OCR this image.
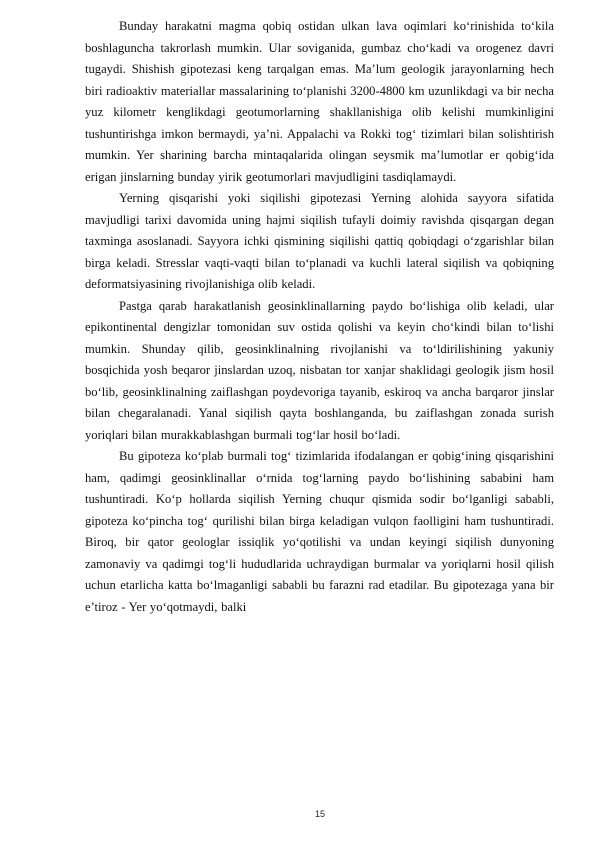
Bunday harakatni magma qobiq ostidan ulkan lava oqimlari koʻrinishida toʻkila boshlaguncha takrorlash mumkin. Ular soviganida, gumbaz choʻkadi va orogenez davri tugaydi. Shishish gipotezasi keng tarqalgan emas. Ma’lum geologik jarayonlarning hech biri radioaktiv materiallar massalarining toʻplanishi 3200-4800 km uzunlikdagi va bir necha yuz kilometr kenglikdagi geotumorlarning shakllanishiga olib kelishi mumkinligini tushuntirishga imkon bermaydi, ya’ni. Appalachi va Rokki togʻ tizimlari bilan solishtirish mumkin. Yer sharining barcha mintaqalarida olingan seysmik ma’lumotlar er qobigʻida erigan jinslarning bunday yirik geotumorlari mavjudligini tasdiqlamaydi.

Yerning qisqarishi yoki siqilishi gipotezasi Yerning alohida sayyora sifatida mavjudligi tarixi davomida uning hajmi siqilish tufayli doimiy ravishda qisqargan degan taxminga asoslanadi. Sayyora ichki qismining siqilishi qattiq qobiqdagi oʻzgarishlar bilan birga keladi. Stresslar vaqti-vaqti bilan toʻplanadi va kuchli lateral siqilish va qobiqning deformatsiyasining rivojlanishiga olib keladi.

Pastga qarab harakatlanish geosinklinallarning paydo boʻlishiga olib keladi, ular epikontinental dengizlar tomonidan suv ostida qolishi va keyin choʻkindi bilan toʻlishi mumkin. Shunday qilib, geosinklinalning rivojlanishi va toʻldirilishining yakuniy bosqichida yosh beqaror jinslardan uzoq, nisbatan tor xanjar shaklidagi geologik jism hosil boʻlib, geosinklinalning zaiflashgan poydevoriga tayanib, eskiroq va ancha barqaror jinslar bilan chegaralanadi. Yanal siqilish qayta boshlanganda, bu zaiflashgan zonada surish yoriqlari bilan murakkablashgan burmali togʻlar hosil boʻladi.

Bu gipoteza koʻplab burmali togʻ tizimlarida ifodalangan er qobigʻining qisqarishini ham, qadimgi geosinklinallar oʻrnida togʻlarning paydo boʻlishining sababini ham tushuntiradi. Koʻp hollarda siqilish Yerning chuqur qismida sodir boʻlganligi sababli, gipoteza koʻpincha togʻ qurilishi bilan birga keladigan vulqon faolligini ham tushuntiradi. Biroq, bir qator geologlar issiqlik yoʻqotilishi va undan keyingi siqilish dunyoning zamonaviy va qadimgi togʻli hududlarida uchraydigan burmalar va yoriqlarni hosil qilish uchun etarlicha katta boʻlmaganligi sababli bu farazni rad etadilar. Bu gipotezaga yana bir e’tiroz - Yer yoʻqotmaydi, balki

15
